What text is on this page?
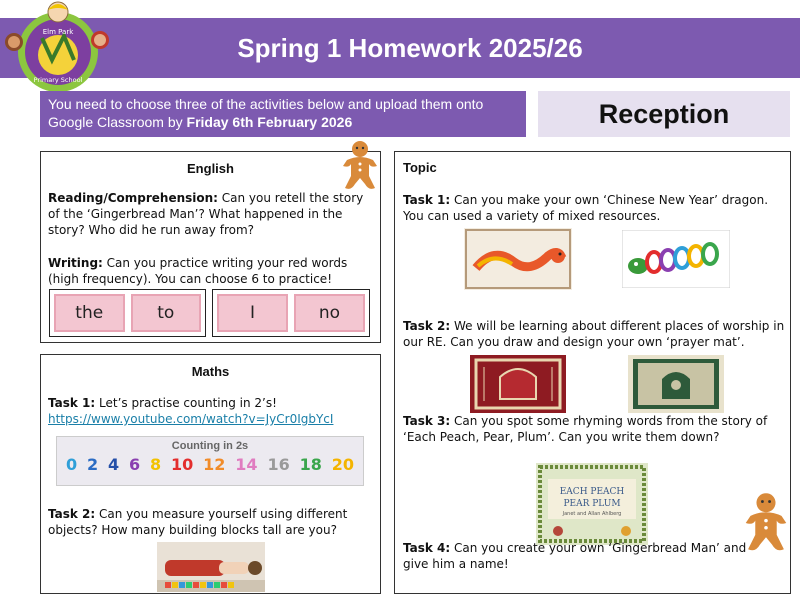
Spring 1 Homework 2025/26
Elm Park
Primary School
You need to choose three of the activities below and upload them onto Google Classroom by Friday 6th February 2026	Reception
English

Reading/Comprehension: Can you retell the story of the ‘Gingerbread Man’? What happened in the story? Who did he run away from?

Writing: Can you practice writing your red words (high frequency). You can choose 6 to practice!

the	to	I	no
Maths

Task 1: Let’s practise counting in 2’s!

https://www.youtube.com/watch?v=JyCr0IgbYcI
Counting in 2s
0 2 4 6 8 10 12 14 16 18 20

Task 2: Can you measure yourself using different objects? How many building blocks tall are you?

Topic

Task 1: Can you make your own ‘Chinese New Year’ dragon. You can used a variety of mixed resources.

Task 2: We will be learning about different places of worship in our RE. Can you draw and design your own ‘prayer mat’.

Task 3: Can you spot some rhyming words from the story of ‘Each Peach, Pear, Plum’. Can you write them down?

EACH PEACH
PEAR PLUM
Janet and Allan Ahlberg

Task 4: Can you create your own ‘Gingerbread Man’ and give him a name!
